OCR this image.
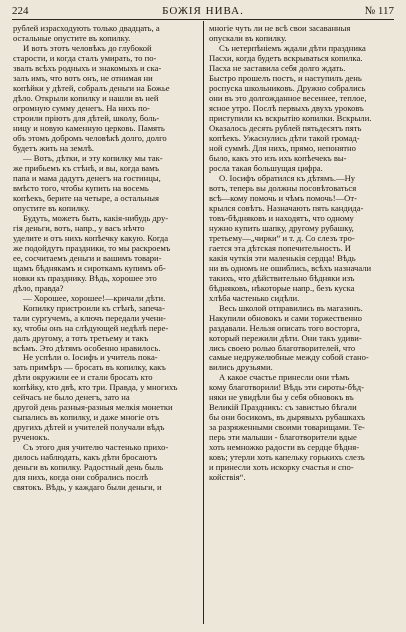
224	БОЖІЯ НИВА.	№ 117
рублей израсходують только двадцать, а
остальные опустите въ копилку.
И вотъ этотъ человѣкъ до глубокой
старости, и когда сталъ умирать, то по-
звалъ всѣхъ родныхъ и знакомыхъ и ска-
залъ имъ, что вотъ онъ, не отнимая ни
копѣйки у дѣтей, собралъ деньги на Божье
дѣло. Открыли копилку и нашли въ ней
огромную сумму денегъ. На нихъ по-
строили пріютъ для дѣтей, школу, боль-
ницу и новую каменную церковь. Память
объ этомъ добромъ человѣкѣ долго, долго
будетъ жить на землѣ.
— Вотъ, дѣтки, и эту копилку мы так-
же прибьемъ къ стѣнѣ, и вы, когда вамъ
папа и мама дадутъ денегъ на гостинцы,
вмѣсто того, чтобы купить на восемь
копѣекъ, берите на четыре, а остальныя
опустите въ копилку.
Будуть, можетъ быть, какія-нибудь дру-
гія деньги, вотъ, напр., у васъ нѣчто
уделите и отъ нихъ копѣечку какую. Когда
же подойдутъ праздники, то мы раскроемъ
ее, сосчитаемъ деньги и вашимъ товари-
щамъ бѣднякамъ и сироткамъ купимъ об-
новки къ празднику. Вѣдь, хорошее это
дѣло, правда?
— Хорошее, хорошее!—кричали дѣти.
Копилку пристроили къ стѣнѣ, запеча-
тали сургучемъ, а ключъ передали учени-
ку, чтобы онъ на слѣдующей недѣлѣ пере-
далъ другому, а тотъ третьему и такъ
всѣмъ. Это дѣтямъ особенно нравилось.
Не успѣли о. Іосифъ и учитель пока-
зать примѣръ — бросать въ копилку, какъ
дѣти окружили ее и стали бросать кто
копѣйку, кто двѣ, кто три. Правда, у многихъ
сейчасъ не было денегъ, зато на
другой день разныя-разныя мелкія монетки
сыпались въ копилку, и даже многіе отъ
другихъ дѣтей и учителей получали вѣдъ
рученокъ.
Съ этого дня учителю частенько прихо-
дилось наблюдать, какъ дѣти бросаютъ
деньги въ копилку. Радостный день быль
для нихъ, когда они собрались послѣ
святокъ. Вѣдь, у каждаго были деньги, и
многіе чуть ли не всѣ свои засаванныя
опускали въ копилку.
Съ нетерпѣніемъ ждали дѣти праздника
Пасхи, когда будетъ вскрываться копилка.
Пасха не заставила себя долго ждать.
Быстро прошелъ постъ, и наступилъ день
роспуска школьниковъ. Дружно собрались
они въ это долгожданное весеннее, теплое,
ясное утро. Послѣ первыхъ двухъ уроковъ
приступили къ вскрытію копилки. Вскрыли.
Оказалось десять рублей пятьдесятъ пять
копѣекъ. Ужаснулись дѣти такой громад-
ной суммѣ. Для нихъ, прямо, непонятно
было, какъ это изъ ихъ копѣечекъ вы-
росла такая большущая цифра.
О. Іосифъ обратился къ дѣтямъ.—Ну
вотъ, теперь вы должны посовѣтоваться
всѣ—кому помочь и чѣмъ помочь!—От-
крылся совѣтъ. Назначають пять кандида-
товъ-бѣдняковъ и находятъ, что одному
нужно купить шапку, другому рубашку,
третьему—„чирки“ и т. д. Со слезъ тро-
гается эта дѣтская попечительность. И
какія чуткія эти маленькія сердца! Вѣдь
ни въ одномъ не ошиблись, всѣхъ назначали
такихъ, что дѣйствительно бѣдняки изъ
бѣдняковъ, нѣкоторые напр., безъ куска
хлѣба частенько сидѣли.
Весь школой отправились въ магазинъ.
Накупили обновокъ и сами торжественно
раздавали. Нельзя описать того восторга,
который пережили дѣти. Они такъ удиви-
лись своею ролью благотворителей, что
самые недружелюбные между собой стано-
вились друзьями.
А какое счастье принесли они тѣмъ
кому благотворили! Вѣдь эти сироты-бѣд-
няки не увидѣли бы у себя обновокъ въ
Великій Праздникъ: съ завистью бѣгали
бы они босикомъ, въ дырявыхъ рубашкахъ
за разряженными своими товарищами. Те-
перь эти малыши - благотворители вдые
хоть немножко радости въ сердце бѣдня-
ковъ; утерли хоть капельку горькихъ слезъ
и принесли хоть искорку счастья и спо-
койствія“.
